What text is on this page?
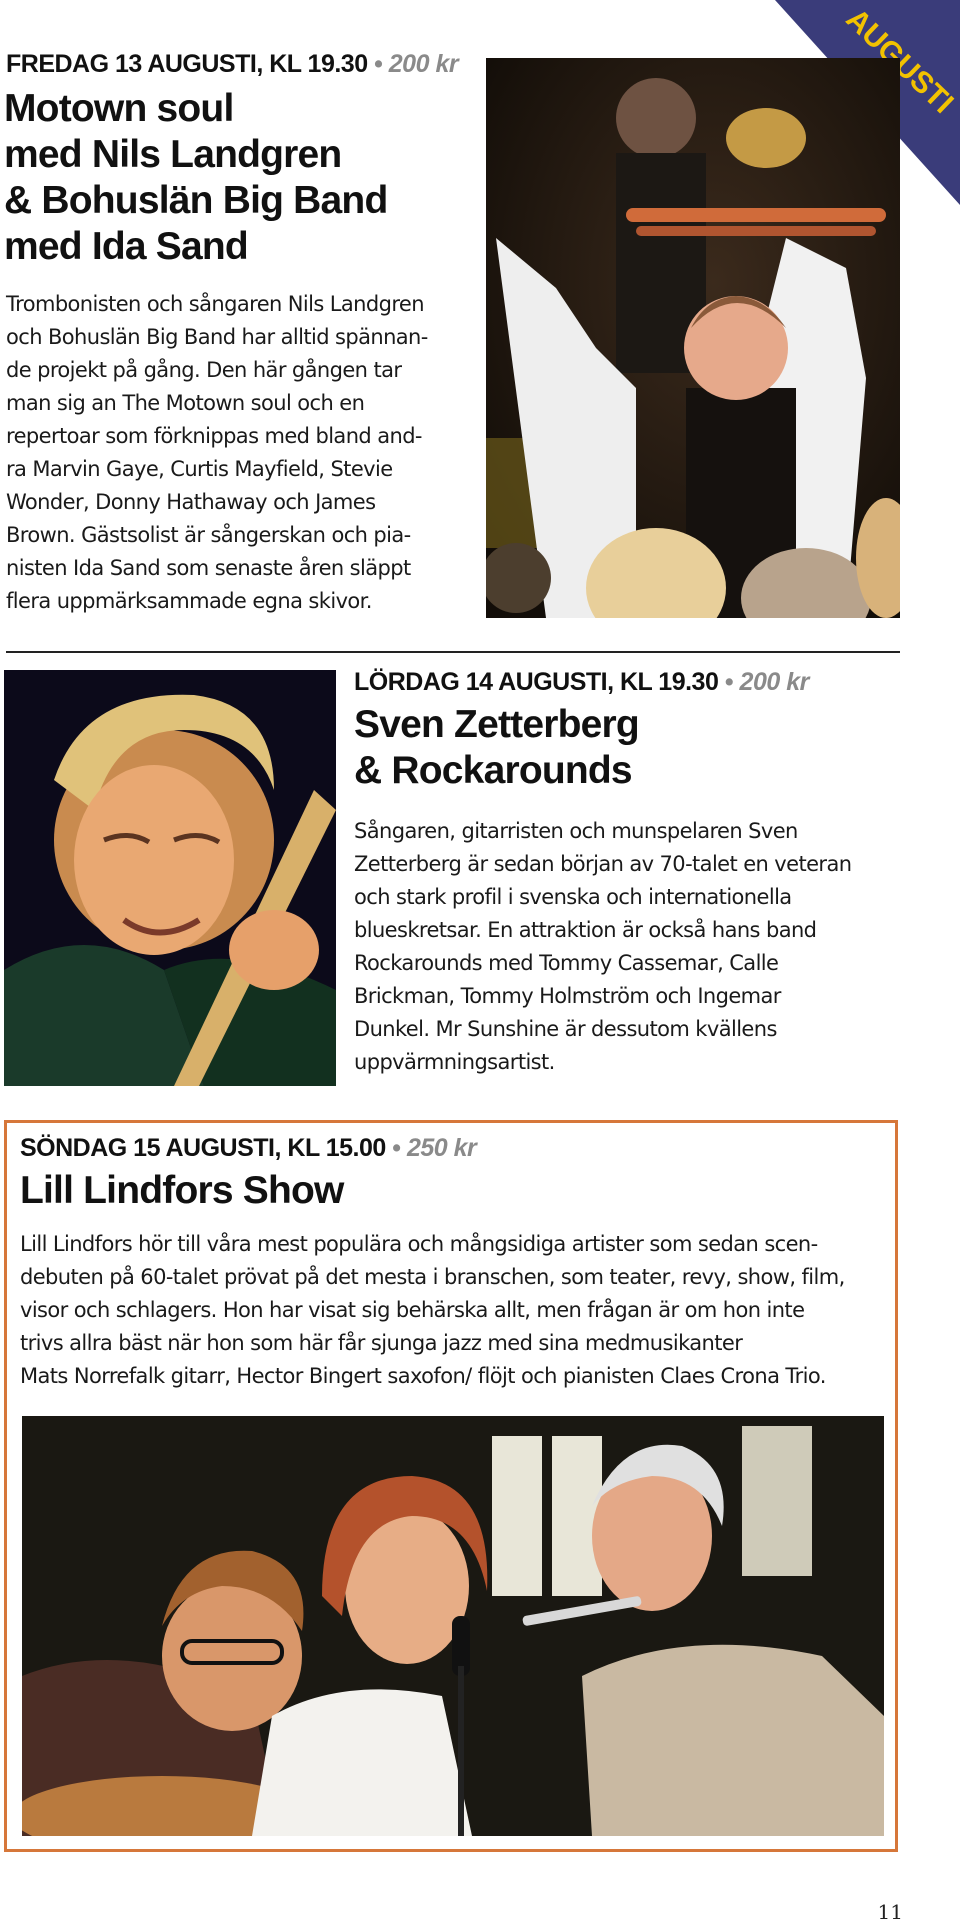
FREDAG 13 AUGUSTI, KL 19.30 • 200 kr
Motown soul
med Nils Landgren
& Bohuslän Big Band
med Ida Sand
Trombonisten och sångaren Nils Landgren
och Bohuslän Big Band har alltid spännan-
de projekt på gång. Den här gången tar
man sig an The Motown soul och en
repertoar som förknippas med bland and-
ra Marvin Gaye, Curtis Mayfield, Stevie
Wonder, Donny Hathaway och James
Brown. Gästsolist är sångerskan och pia-
nisten Ida Sand som senaste åren släppt
flera uppmärksammade egna skivor.
LÖRDAG 14 AUGUSTI, KL 19.30 • 200 kr
Sven Zetterberg
& Rockarounds
Sångaren, gitarristen och munspelaren Sven
Zetterberg är sedan början av 70-talet en veteran
och stark profil i svenska och internationella
blueskretsar. En attraktion är också hans band
Rockarounds med Tommy Cassemar, Calle
Brickman, Tommy Holmström och Ingemar
Dunkel. Mr Sunshine är dessutom kvällens
uppvärmningsartist.
SÖNDAG 15 AUGUSTI, KL 15.00 • 250 kr
Lill Lindfors Show
Lill Lindfors hör till våra mest populära och mångsidiga artister som sedan scen-
debuten på 60-talet prövat på det mesta i branschen, som teater, revy, show, film,
visor och schlagers. Hon har visat sig behärska allt, men frågan är om hon inte
trivs allra bäst när hon som här får sjunga jazz med sina medmusikanter
Mats Norrefalk gitarr, Hector Bingert saxofon/ flöjt och pianisten Claes Crona Trio.
11
